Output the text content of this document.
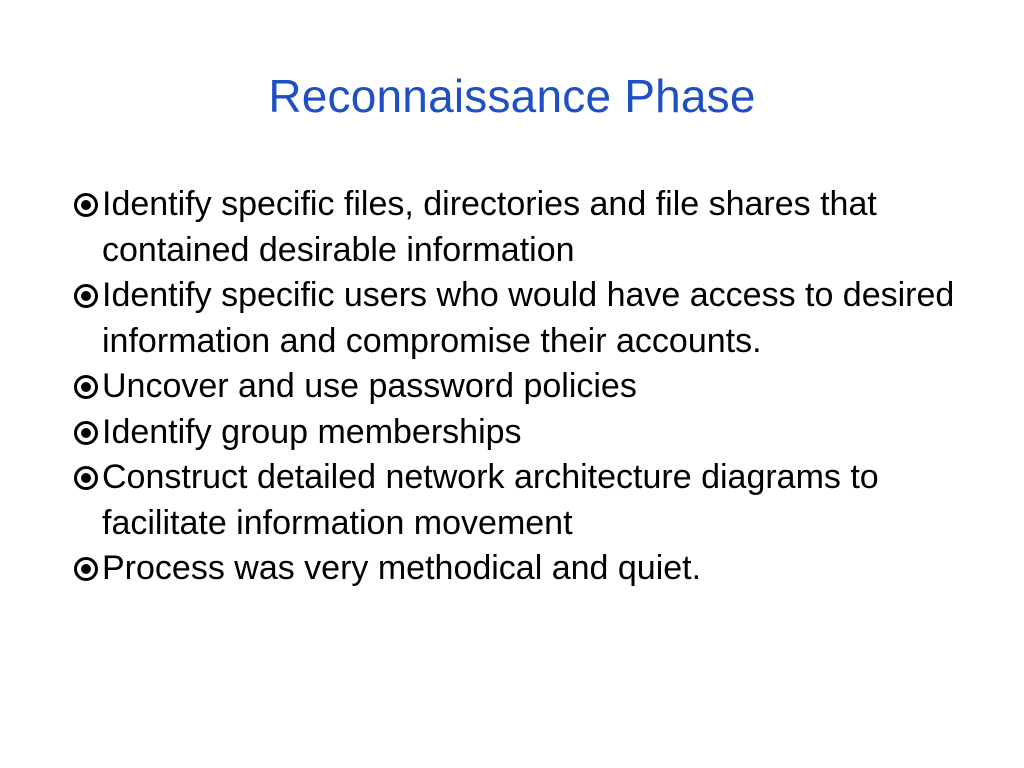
Reconnaissance Phase
Identify specific files, directories and file shares that contained desirable information
Identify specific users who would have access to desired information and compromise their accounts.
Uncover and use password policies
Identify group memberships
Construct detailed network architecture diagrams to facilitate information movement
Process was very methodical and quiet.
